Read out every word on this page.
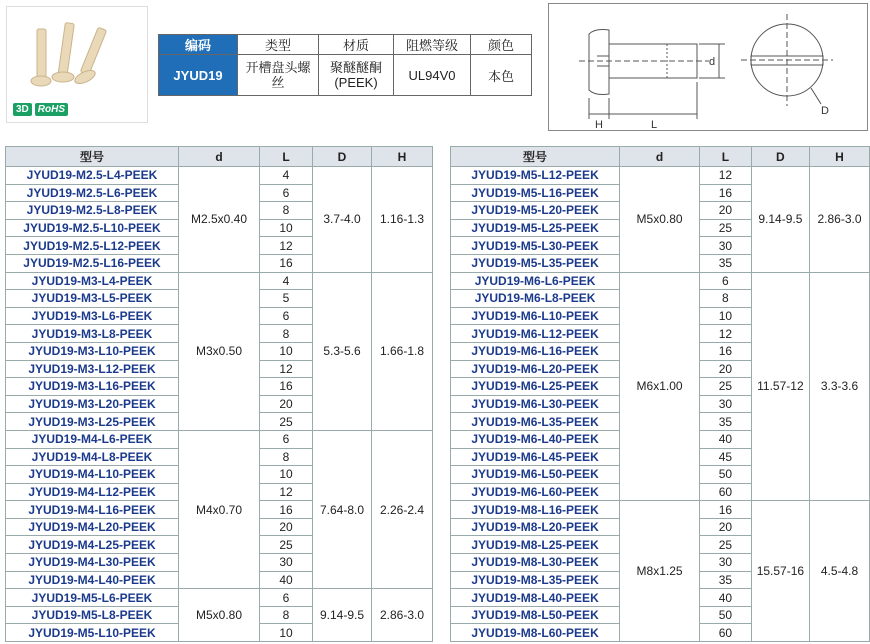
3D RoHS
编码	类型	材质	阻燃等级	颜色
JYUD19	开槽盘头螺丝	聚醚醚酮(PEEK)	UL94V0	本色
d
H	L
D
型号	d	L	D	H
JYUD19-M2.5-L4-PEEK	M2.5x0.40	4	3.7-4.0	1.16-1.3
JYUD19-M2.5-L6-PEEK		6		
JYUD19-M2.5-L8-PEEK		8		
JYUD19-M2.5-L10-PEEK		10		
JYUD19-M2.5-L12-PEEK		12		
JYUD19-M2.5-L16-PEEK		16		
JYUD19-M3-L4-PEEK	M3x0.50	4	5.3-5.6	1.66-1.8
JYUD19-M3-L5-PEEK		5		
JYUD19-M3-L6-PEEK		6		
JYUD19-M3-L8-PEEK		8		
JYUD19-M3-L10-PEEK		10		
JYUD19-M3-L12-PEEK		12		
JYUD19-M3-L16-PEEK		16		
JYUD19-M3-L20-PEEK		20		
JYUD19-M3-L25-PEEK		25		
JYUD19-M4-L6-PEEK	M4x0.70	6	7.64-8.0	2.26-2.4
JYUD19-M4-L8-PEEK		8		
JYUD19-M4-L10-PEEK		10		
JYUD19-M4-L12-PEEK		12		
JYUD19-M4-L16-PEEK		16		
JYUD19-M4-L20-PEEK		20		
JYUD19-M4-L25-PEEK		25		
JYUD19-M4-L30-PEEK		30		
JYUD19-M4-L40-PEEK		40		
JYUD19-M5-L6-PEEK	M5x0.80	6	9.14-9.5	2.86-3.0
JYUD19-M5-L8-PEEK		8		
JYUD19-M5-L10-PEEK		10		
型号	d	L	D	H
JYUD19-M5-L12-PEEK	M5x0.80	12	9.14-9.5	2.86-3.0
JYUD19-M5-L16-PEEK		16		
JYUD19-M5-L20-PEEK		20		
JYUD19-M5-L25-PEEK		25		
JYUD19-M5-L30-PEEK		30		
JYUD19-M5-L35-PEEK		35		
JYUD19-M6-L6-PEEK	M6x1.00	6	11.57-12	3.3-3.6
JYUD19-M6-L8-PEEK		8		
JYUD19-M6-L10-PEEK		10		
JYUD19-M6-L12-PEEK		12		
JYUD19-M6-L16-PEEK		16		
JYUD19-M6-L20-PEEK		20		
JYUD19-M6-L25-PEEK		25		
JYUD19-M6-L30-PEEK		30		
JYUD19-M6-L35-PEEK		35		
JYUD19-M6-L40-PEEK		40		
JYUD19-M6-L45-PEEK		45		
JYUD19-M6-L50-PEEK		50		
JYUD19-M6-L60-PEEK		60		
JYUD19-M8-L16-PEEK	M8x1.25	16	15.57-16	4.5-4.8
JYUD19-M8-L20-PEEK		20		
JYUD19-M8-L25-PEEK		25		
JYUD19-M8-L30-PEEK		30		
JYUD19-M8-L35-PEEK		35		
JYUD19-M8-L40-PEEK		40		
JYUD19-M8-L50-PEEK		50		
JYUD19-M8-L60-PEEK		60		
